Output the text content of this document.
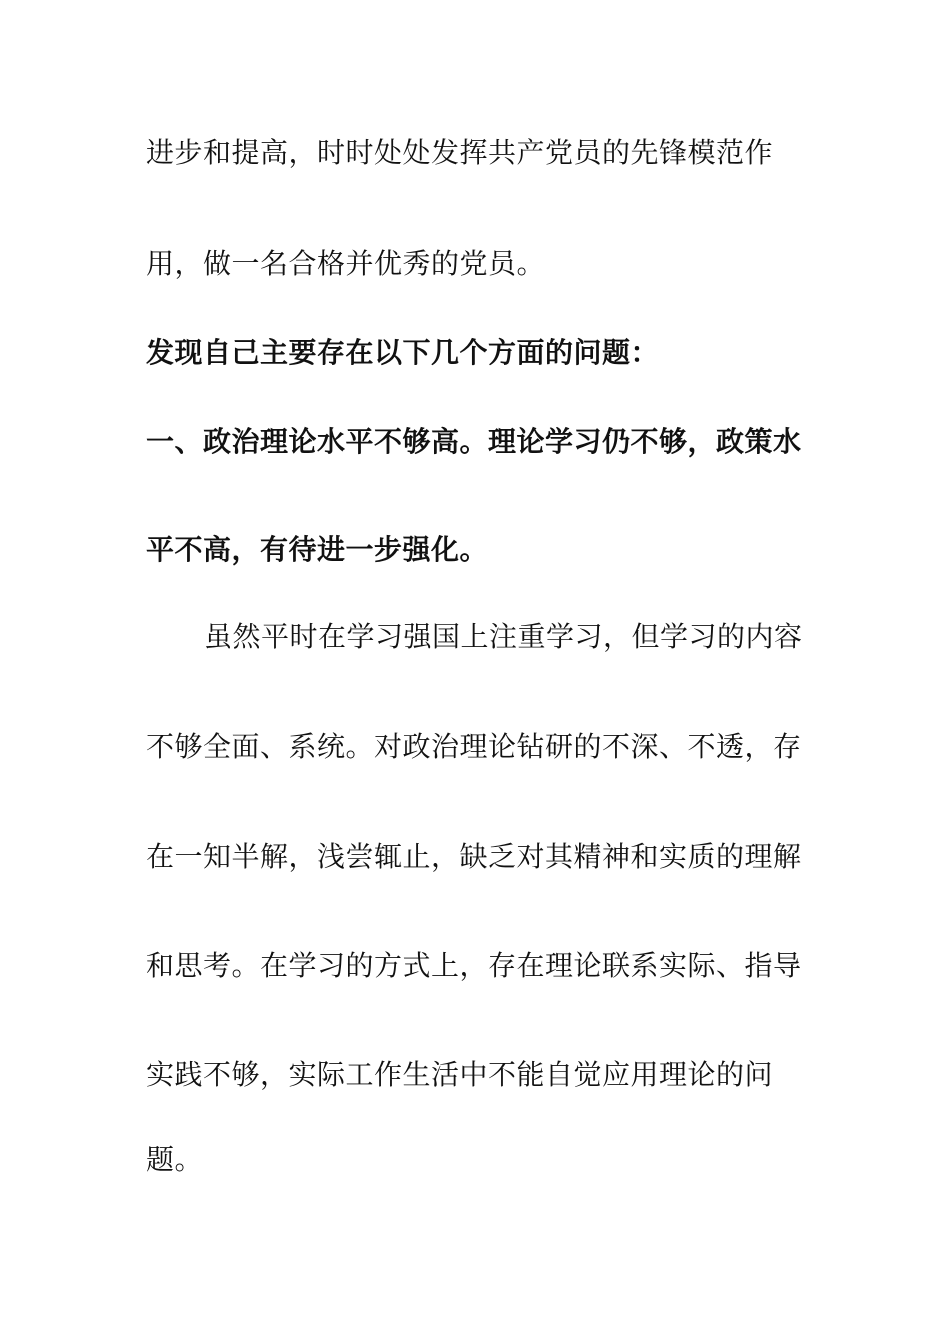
进步和提高，时时处处发挥共产党员的先锋模范作
用，做一名合格并优秀的党员。
发现自己主要存在以下几个方面的问题：
一、政治理论水平不够高。理论学习仍不够，政策水
平不高，有待进一步强化。
虽然平时在学习强国上注重学习，但学习的内容
不够全面、系统。对政治理论钻研的不深、不透，存
在一知半解，浅尝辄止，缺乏对其精神和实质的理解
和思考。在学习的方式上，存在理论联系实际、指导
实践不够，实际工作生活中不能自觉应用理论的问
题。
